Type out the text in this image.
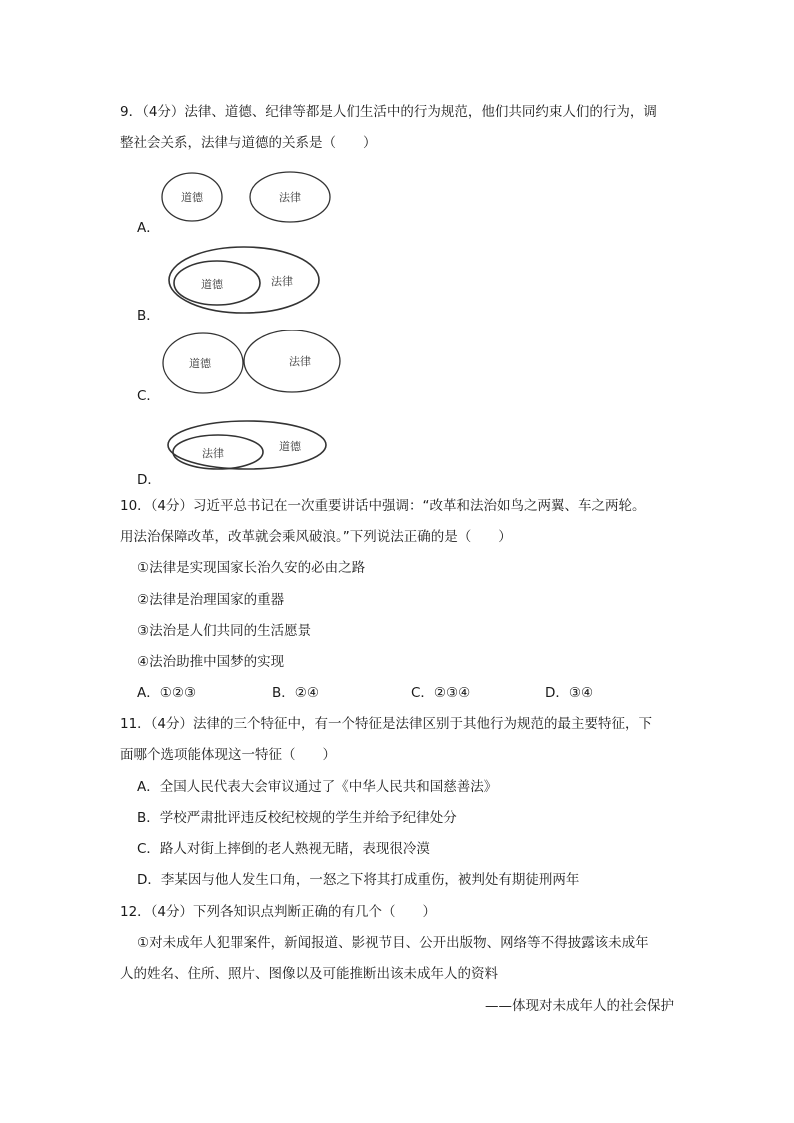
9．（4分）法律、道德、纪律等都是人们生活中的行为规范，他们共同约束人们的行为，调
整社会关系，法律与道德的关系是（　　）
道德	法律
A．
道德	法律
B．
道德	法律
C．
法律
道德
D．
10．（4分）习近平总书记在一次重要讲话中强调：“改革和法治如鸟之两翼、车之两轮。
用法治保障改革，改革就会乘风破浪。”下列说法正确的是（　　）
①法律是实现国家长治久安的必由之路
②法律是治理国家的重器
③法治是人们共同的生活愿景
④法治助推中国梦的实现
A．①②③	B．②④	C．②③④	D．③④
11．（4分）法律的三个特征中，有一个特征是法律区别于其他行为规范的最主要特征，下
面哪个选项能体现这一特征（　　）
A．全国人民代表大会审议通过了《中华人民共和国慈善法》
B．学校严肃批评违反校纪校规的学生并给予纪律处分
C．路人对街上摔倒的老人熟视无睹，表现很冷漠
D．李某因与他人发生口角，一怒之下将其打成重伤，被判处有期徒刑两年
12．（4分）下列各知识点判断正确的有几个（　　）
①对未成年人犯罪案件，新闻报道、影视节目、公开出版物、网络等不得披露该未成年
人的姓名、住所、照片、图像以及可能推断出该未成年人的资料
——体现对未成年人的社会保护
